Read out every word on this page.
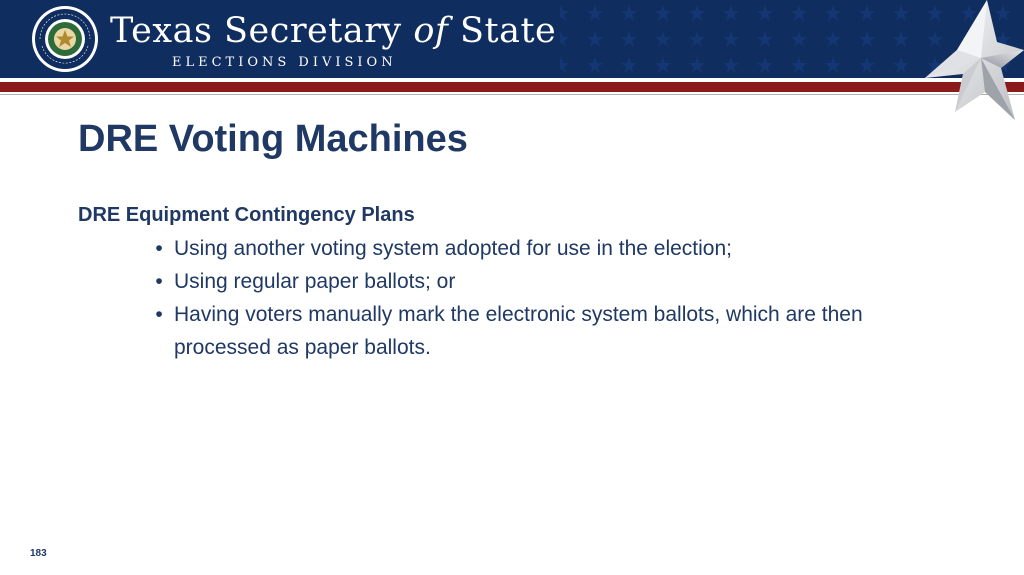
Texas Secretary of State
ELECTIONS DIVISION
DRE Voting Machines
DRE Equipment Contingency Plans
• Using another voting system adopted for use in the election;
• Using regular paper ballots; or
• Having voters manually mark the electronic system ballots, which are then processed as paper ballots.
183
